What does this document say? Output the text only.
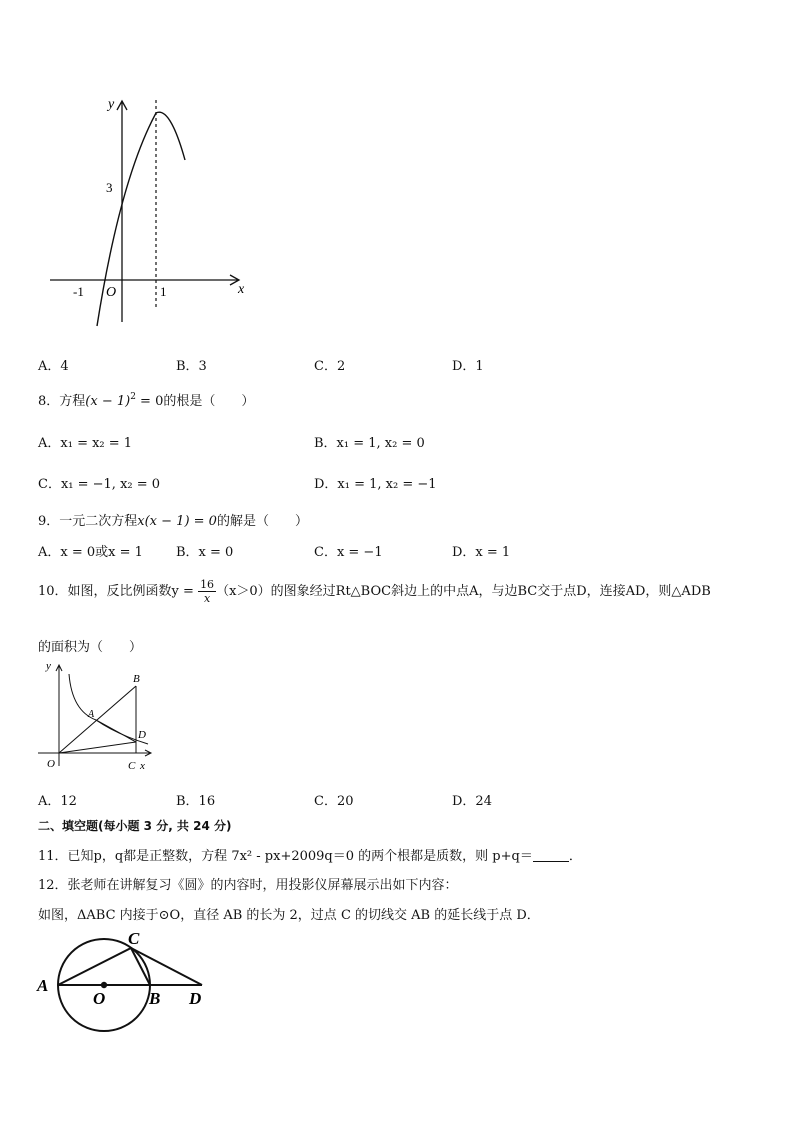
y
x
O
-1	1
3
A．4	B．3	C．2	D．1
8．方程$(x - 1)^2 = 0$的根是（　　）
A．x₁ = x₂ = 1	B．x₁ = 1, x₂ = 0
C．x₁ = −1, x₂ = 0	D．x₁ = 1, x₂ = −1
9．一元二次方程x(x − 1) = 0的解是（　　）
A．x = 0或x = 1	B．x = 0	C．x = −1	D．x = 1
10．如图，反比例函数$y = \frac{16}{x} (x>0)$的图象经过Rt△BOC斜边上的中点A，与边BC交于点D，连接AD，则△ADB
的面积为（　　）
y
B
A
D
O	C x
A．12	B．16	C．20	D．24
二、填空题(每小题 3 分, 共 24 分)
11．已知p，q都是正整数，方程 7x² - px+2009q＝0 的两个根都是质数，则 p+q＝	．
12．张老师在讲解复习《圆》的内容时，用投影仪屏幕展示出如下内容：
如图，ΔABC 内接于⊙O，直径 AB 的长为 2，过点 C 的切线交 AB 的延长线于点 D．
A
O	B
C
D
